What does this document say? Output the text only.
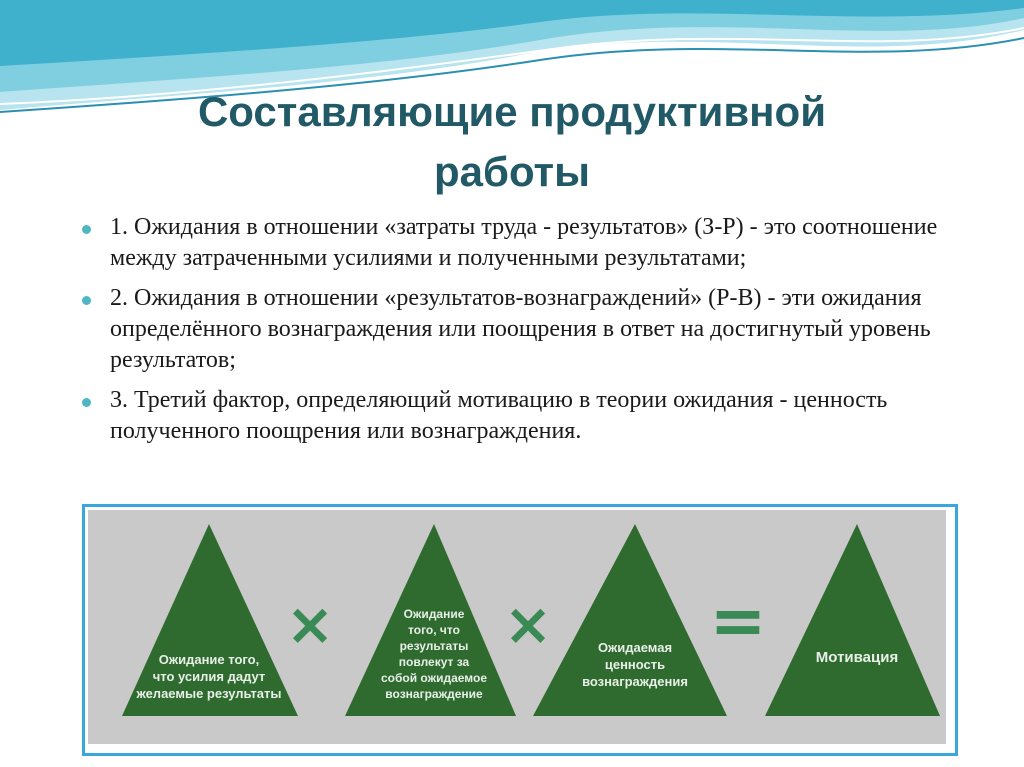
Составляющие продуктивной
работы
1. Ожидания в отношении «затраты труда - результатов» (З-Р) - это соотношение между затраченными усилиями и полученными результатами;
2. Ожидания в отношении «результатов-вознаграждений» (Р-В) - эти ожидания определённого вознаграждения или поощрения в ответ на достигнутый уровень результатов;
3. Третий фактор, определяющий мотивацию в теории ожидания - ценность полученного поощрения или вознаграждения.
Ожидание того,
что усилия дадут
желаемые результаты
Ожидание
того, что
результаты
повлекут за
собой ожидаемое
вознаграждение
Ожидаемая
ценность
вознаграждения
Мотивация
×	× =
